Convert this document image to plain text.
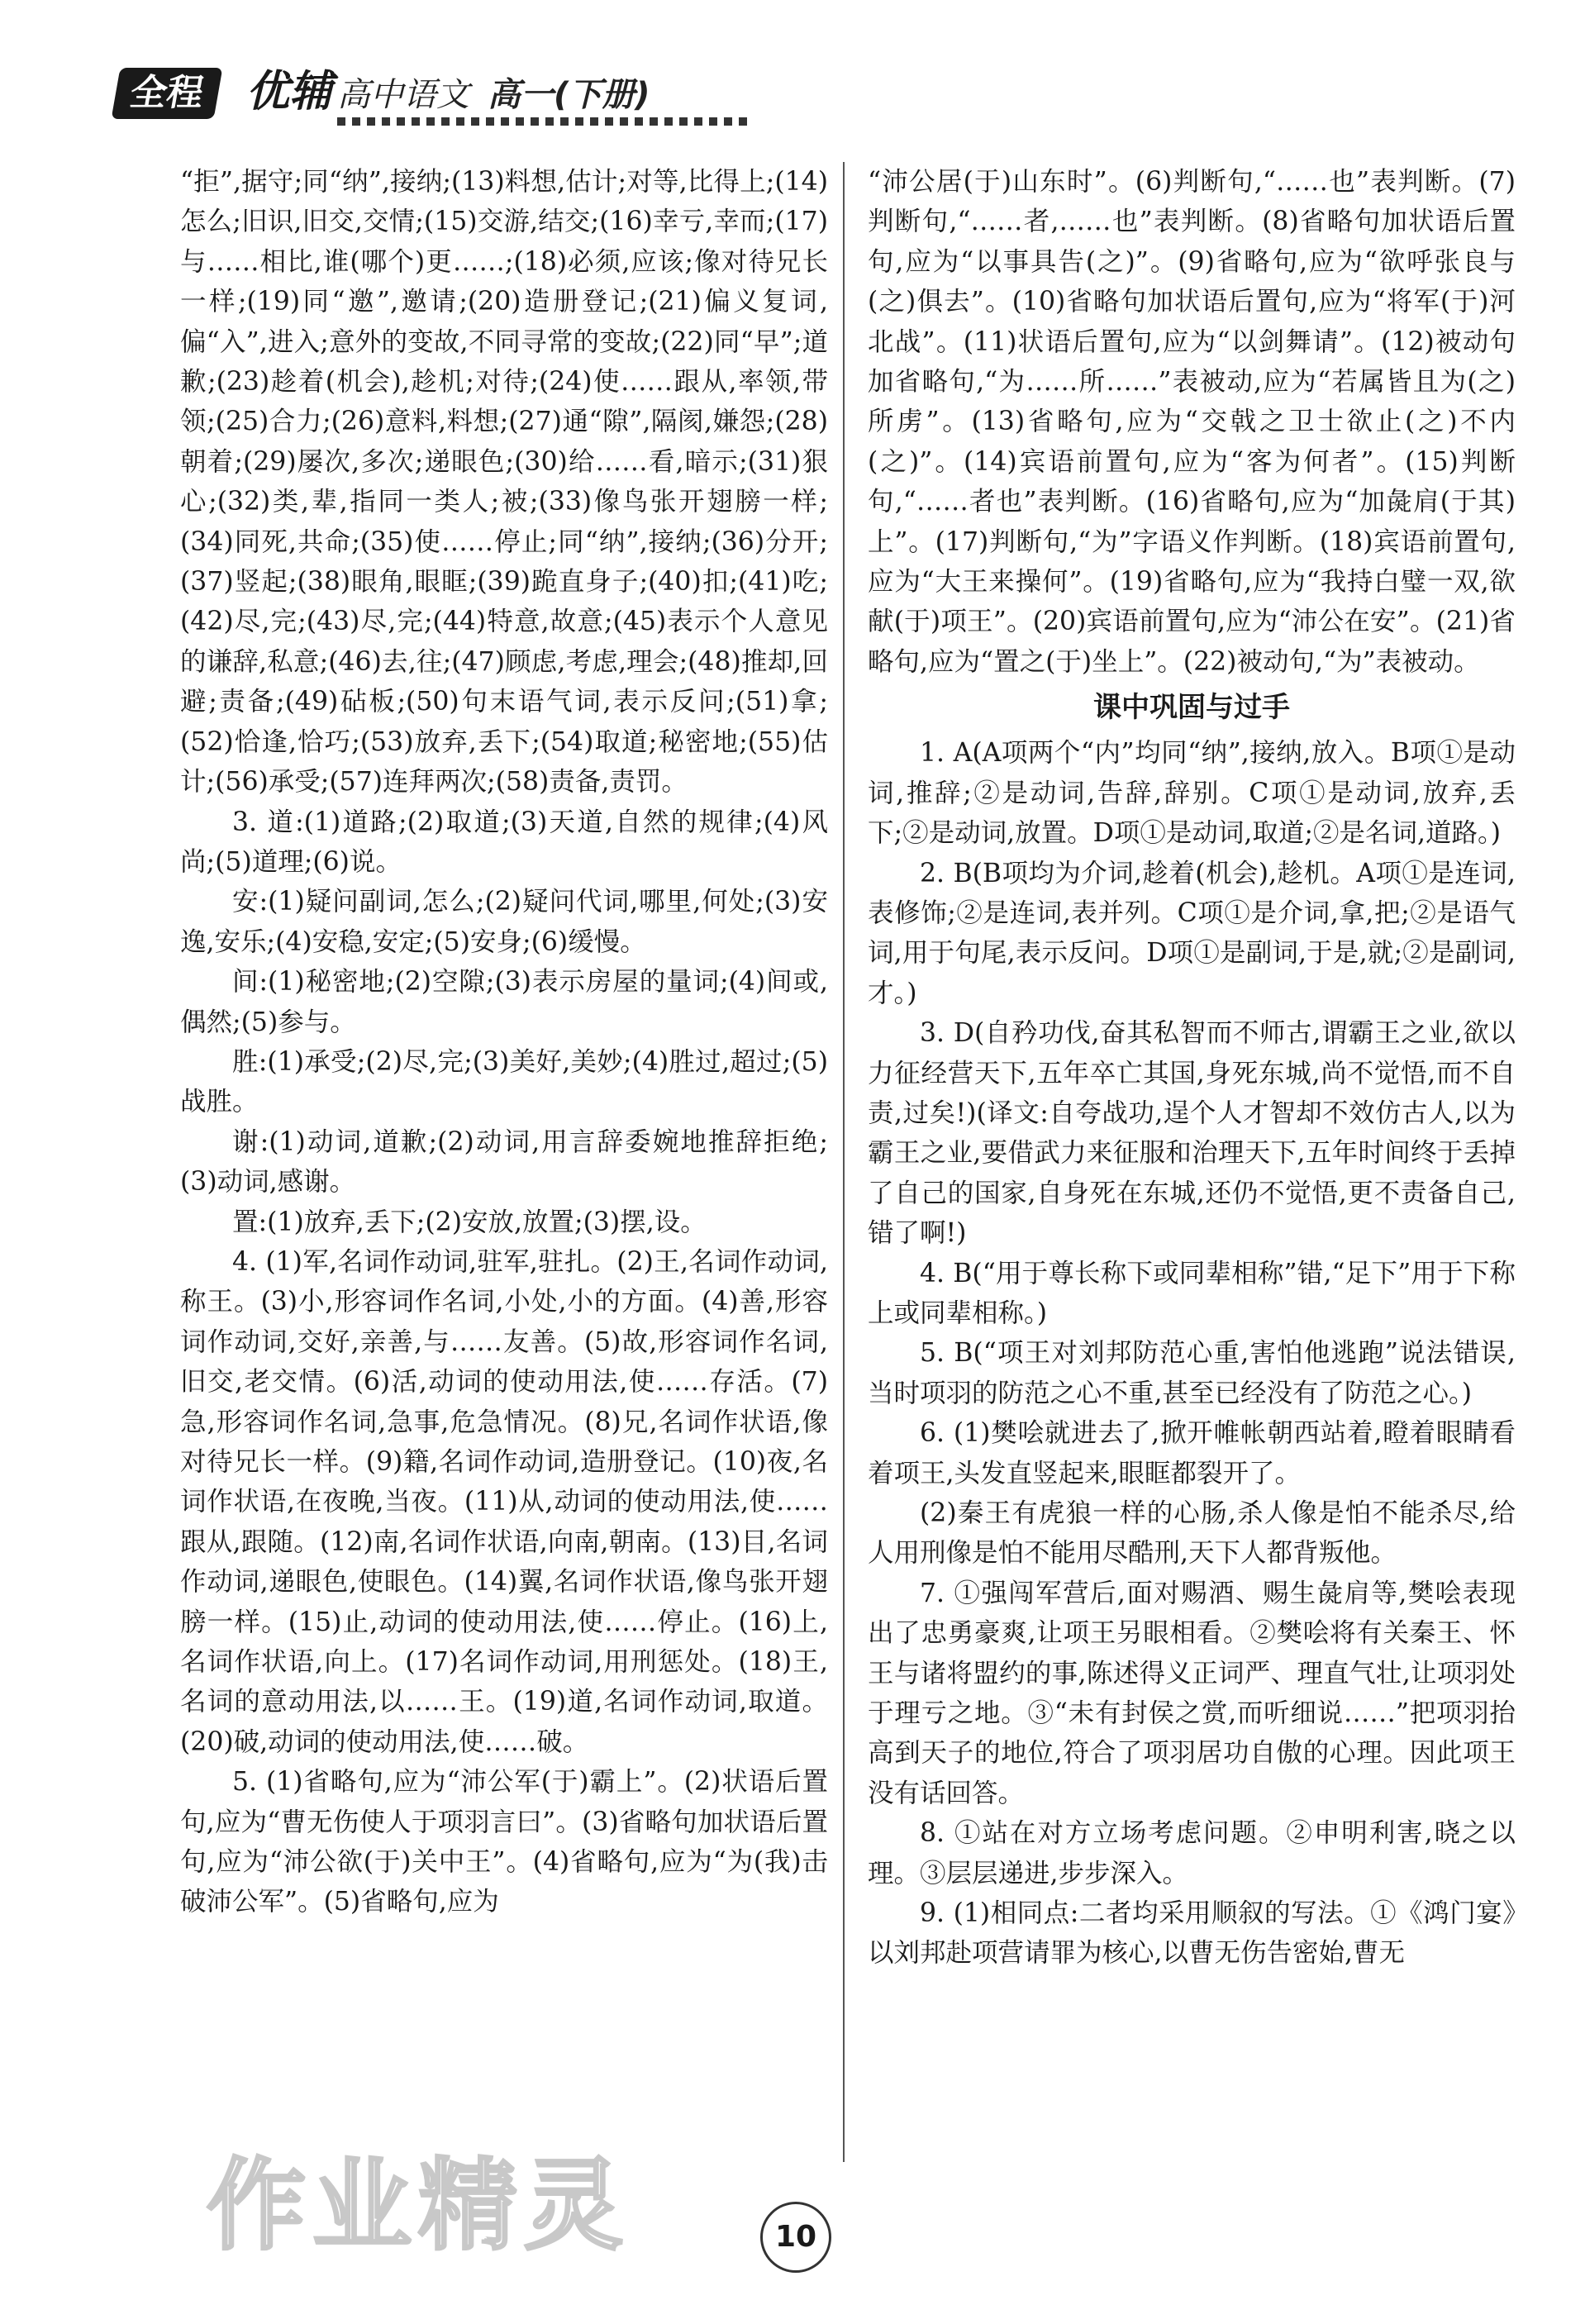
全程 优辅 高中语文 高一(下册)

“拒”,据守;同“纳”,接纳;(13)料想,估计;对等,比得上;(14)怎么;旧识,旧交,交情;(15)交游,结交;(16)幸亏,幸而;(17)与……相比,谁(哪个)更……;(18)必须,应该;像对待兄长一样;(19)同“邀”,邀请;(20)造册登记;(21)偏义复词,偏“入”,进入;意外的变故,不同寻常的变故;(22)同“早”;道歉;(23)趁着(机会),趁机;对待;(24)使……跟从,率领,带领;(25)合力;(26)意料,料想;(27)通“隙”,隔阂,嫌怨;(28)朝着;(29)屡次,多次;递眼色;(30)给……看,暗示;(31)狠心;(32)类,辈,指同一类人;被;(33)像鸟张开翅膀一样;(34)同死,共命;(35)使……停止;同“纳”,接纳;(36)分开;(37)竖起;(38)眼角,眼眶;(39)跪直身子;(40)扣;(41)吃;(42)尽,完;(43)尽,完;(44)特意,故意;(45)表示个人意见的谦辞,私意;(46)去,往;(47)顾虑,考虑,理会;(48)推却,回避;责备;(49)砧板;(50)句末语气词,表示反问;(51)拿;(52)恰逢,恰巧;(53)放弃,丢下;(54)取道;秘密地;(55)估计;(56)承受;(57)连拜两次;(58)责备,责罚。

3. 道:(1)道路;(2)取道;(3)天道,自然的规律;(4)风尚;(5)道理;(6)说。

安:(1)疑问副词,怎么;(2)疑问代词,哪里,何处;(3)安逸,安乐;(4)安稳,安定;(5)安身;(6)缓慢。

间:(1)秘密地;(2)空隙;(3)表示房屋的量词;(4)间或,偶然;(5)参与。

胜:(1)承受;(2)尽,完;(3)美好,美妙;(4)胜过,超过;(5)战胜。

谢:(1)动词,道歉;(2)动词,用言辞委婉地推辞拒绝;(3)动词,感谢。

置:(1)放弃,丢下;(2)安放,放置;(3)摆,设。

4. (1)军,名词作动词,驻军,驻扎。(2)王,名词作动词,称王。(3)小,形容词作名词,小处,小的方面。(4)善,形容词作动词,交好,亲善,与……友善。(5)故,形容词作名词,旧交,老交情。(6)活,动词的使动用法,使……存活。(7)急,形容词作名词,急事,危急情况。(8)兄,名词作状语,像对待兄长一样。(9)籍,名词作动词,造册登记。(10)夜,名词作状语,在夜晚,当夜。(11)从,动词的使动用法,使……跟从,跟随。(12)南,名词作状语,向南,朝南。(13)目,名词作动词,递眼色,使眼色。(14)翼,名词作状语,像鸟张开翅膀一样。(15)止,动词的使动用法,使……停止。(16)上,名词作状语,向上。(17)名词作动词,用刑惩处。(18)王,名词的意动用法,以……王。(19)道,名词作动词,取道。(20)破,动词的使动用法,使……破。

5. (1)省略句,应为“沛公军(于)霸上”。(2)状语后置句,应为“曹无伤使人于项羽言曰”。(3)省略句加状语后置句,应为“沛公欲(于)关中王”。(4)省略句,应为“为(我)击破沛公军”。(5)省略句,应为

“沛公居(于)山东时”。(6)判断句,“……也”表判断。(7)判断句,“……者,……也”表判断。(8)省略句加状语后置句,应为“以事具告(之)”。(9)省略句,应为“欲呼张良与(之)俱去”。(10)省略句加状语后置句,应为“将军(于)河北战”。(11)状语后置句,应为“以剑舞请”。(12)被动句加省略句,“为……所……”表被动,应为“若属皆且为(之)所虏”。(13)省略句,应为“交戟之卫士欲止(之)不内(之)”。(14)宾语前置句,应为“客为何者”。(15)判断句,“……者也”表判断。(16)省略句,应为“加彘肩(于其)上”。(17)判断句,“为”字语义作判断。(18)宾语前置句,应为“大王来操何”。(19)省略句,应为“我持白璧一双,欲献(于)项王”。(20)宾语前置句,应为“沛公在安”。(21)省略句,应为“置之(于)坐上”。(22)被动句,“为”表被动。

课中巩固与过手

1. A(A项两个“内”均同“纳”,接纳,放入。B项①是动词,推辞;②是动词,告辞,辞别。C项①是动词,放弃,丢下;②是动词,放置。D项①是动词,取道;②是名词,道路。)

2. B(B项均为介词,趁着(机会),趁机。A项①是连词,表修饰;②是连词,表并列。C项①是介词,拿,把;②是语气词,用于句尾,表示反问。D项①是副词,于是,就;②是副词,才。)

3. D(自矜功伐,奋其私智而不师古,谓霸王之业,欲以力征经营天下,五年卒亡其国,身死东城,尚不觉悟,而不自责,过矣!)(译文:自夸战功,逞个人才智却不效仿古人,以为霸王之业,要借武力来征服和治理天下,五年时间终于丢掉了自己的国家,自身死在东城,还仍不觉悟,更不责备自己,错了啊!)

4. B(“用于尊长称下或同辈相称”错,“足下”用于下称上或同辈相称。)

5. B(“项王对刘邦防范心重,害怕他逃跑”说法错误,当时项羽的防范之心不重,甚至已经没有了防范之心。)

6. (1)樊哙就进去了,掀开帷帐朝西站着,瞪着眼睛看着项王,头发直竖起来,眼眶都裂开了。

(2)秦王有虎狼一样的心肠,杀人像是怕不能杀尽,给人用刑像是怕不能用尽酷刑,天下人都背叛他。

7. ①强闯军营后,面对赐酒、赐生彘肩等,樊哙表现出了忠勇豪爽,让项王另眼相看。②樊哙将有关秦王、怀王与诸将盟约的事,陈述得义正词严、理直气壮,让项羽处于理亏之地。③“未有封侯之赏,而听细说……”把项羽抬高到天子的地位,符合了项羽居功自傲的心理。因此项王没有话回答。

8. ①站在对方立场考虑问题。②申明利害,晓之以理。③层层递进,步步深入。

9. (1)相同点:二者均采用顺叙的写法。①《鸿门宴》以刘邦赴项营请罪为核心,以曹无伤告密始,曹无

作业精灵	10
